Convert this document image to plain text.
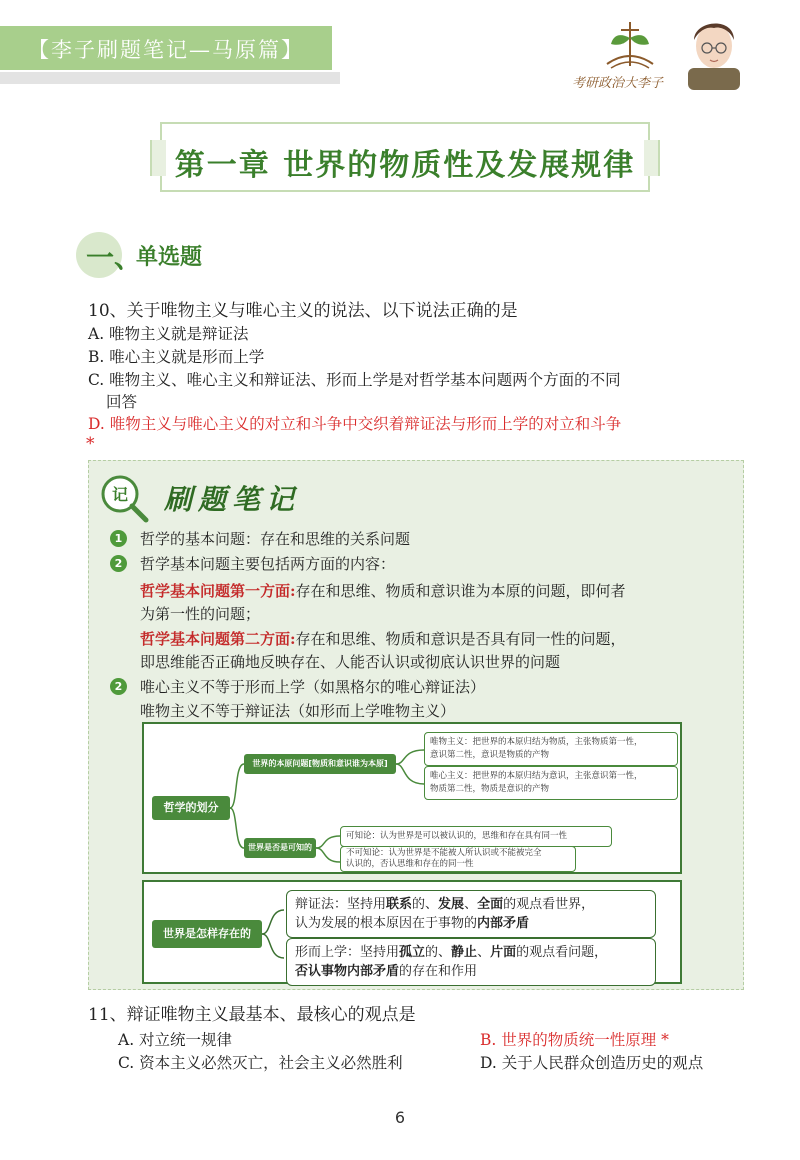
【李子刷题笔记—马原篇】
考研政治大李子
第一章 世界的物质性及发展规律
一、
单选题
10、关于唯物主义与唯心主义的说法、以下说法正确的是
A. 唯物主义就是辩证法
B. 唯心主义就是形而上学
C. 唯物主义、唯心主义和辩证法、形而上学是对哲学基本问题两个方面的不同
回答
D. 唯物主义与唯心主义的对立和斗争中交织着辩证法与形而上学的对立和斗争
*
记 刷题笔记
1	哲学的基本问题：存在和思维的关系问题
2	哲学基本问题主要包括两方面的内容：
哲学基本问题第一方面:存在和思维、物质和意识谁为本原的问题，即何者
为第一性的问题；
哲学基本问题第二方面:存在和思维、物质和意识是否具有同一性的问题，
即思维能否正确地反映存在、人能否认识或彻底认识世界的问题
2	唯心主义不等于形而上学（如黑格尔的唯心辩证法）
唯物主义不等于辩证法（如形而上学唯物主义）
哲学的划分
世界的本原问题[物质和意识谁为本原]
世界是否是可知的
唯物主义：把世界的本原归结为物质，主张物质第一性，
意识第二性，意识是物质的产物
唯心主义：把世界的本原归结为意识，主张意识第一性，
物质第二性，物质是意识的产物
可知论：认为世界是可以被认识的，思维和存在具有同一性
不可知论：认为世界是不能被人所认识或不能被完全
认识的，否认思维和存在的同一性
世界是怎样存在的
辩证法：坚持用联系的、发展、全面的观点看世界，
认为发展的根本原因在于事物的内部矛盾
形而上学：坚持用孤立的、静止、片面的观点看问题，
否认事物内部矛盾的存在和作用
11、辩证唯物主义最基本、最核心的观点是
A. 对立统一规律	B. 世界的物质统一性原理 *
C. 资本主义必然灭亡，社会主义必然胜利	D. 关于人民群众创造历史的观点
6
